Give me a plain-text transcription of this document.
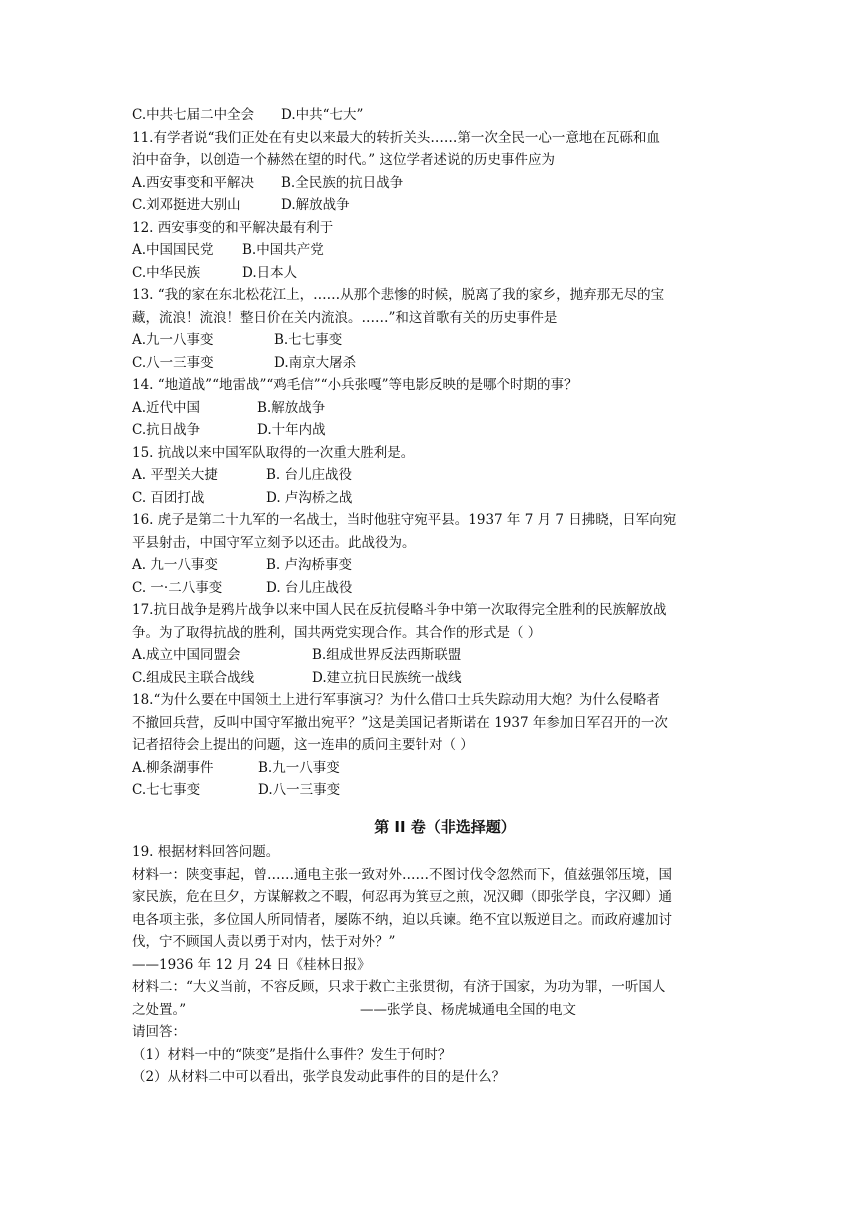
C.中共七届二中全会	D.中共“七大”
11.有学者说“我们正处在有史以来最大的转折关头……第一次全民一心一意地在瓦砾和血
泊中奋争，以创造一个赫然在望的时代。” 这位学者述说的历史事件应为
A.西安事变和平解决	B.全民族的抗日战争
C.刘邓挺进大别山	D.解放战争
12. 西安事变的和平解决最有利于
A.中国国民党	B.中国共产党
C.中华民族	D.日本人
13. “我的家在东北松花江上，……从那个悲惨的时候，脱离了我的家乡，抛弃那无尽的宝
藏，流浪！流浪！整日价在关内流浪。……”和这首歌有关的历史事件是
A.九一八事变	B.七七事变
C.八一三事变	D.南京大屠杀
14. “地道战”“地雷战”“鸡毛信”“小兵张嘎”等电影反映的是哪个时期的事？
A.近代中国	B.解放战争
C.抗日战争	D.十年内战
15. 抗战以来中国军队取得的一次重大胜利是。
A. 平型关大捷	B. 台儿庄战役
C. 百团打战	D. 卢沟桥之战
16. 虎子是第二十九军的一名战士，当时他驻守宛平县。1937 年 7 月 7 日拂晓，日军向宛
平县射击，中国守军立刻予以还击。此战役为。
A. 九一八事变	B. 卢沟桥事变
C. 一·二八事变	D. 台儿庄战役
17.抗日战争是鸦片战争以来中国人民在反抗侵略斗争中第一次取得完全胜利的民族解放战
争。为了取得抗战的胜利，国共两党实现合作。其合作的形式是（ ）
A.成立中国同盟会	B.组成世界反法西斯联盟
C.组成民主联合战线	D.建立抗日民族统一战线
18.“为什么要在中国领土上进行军事演习？为什么借口士兵失踪动用大炮？为什么侵略者
不撤回兵营，反叫中国守军撤出宛平？”这是美国记者斯诺在 1937 年参加日军召开的一次
记者招待会上提出的问题，这一连串的质问主要针对（ ）
A.柳条湖事件	B.九一八事变
C.七七事变	D.八一三事变
第 II 卷（非选择题）
19. 根据材料回答问题。
材料一：陕变事起，曾……通电主张一致对外……不图讨伐令忽然而下，值兹强邻压境，国
家民族，危在旦夕，方谋解救之不暇，何忍再为箕豆之煎，况汉卿（即张学良，字汉卿）通
电各项主张，多位国人所同情者，屡陈不纳，迫以兵谏。绝不宜以叛逆目之。而政府遽加讨
伐，宁不顾国人责以勇于对内，怯于对外？”
——1936 年 12 月 24 日《桂林日报》
材料二：“大义当前，不容反顾，只求于救亡主张贯彻，有济于国家，为功为罪，一听国人
之处置。”	——张学良、杨虎城通电全国的电文
请回答：
（1）材料一中的“陕变”是指什么事件？发生于何时？
（2）从材料二中可以看出，张学良发动此事件的目的是什么？
